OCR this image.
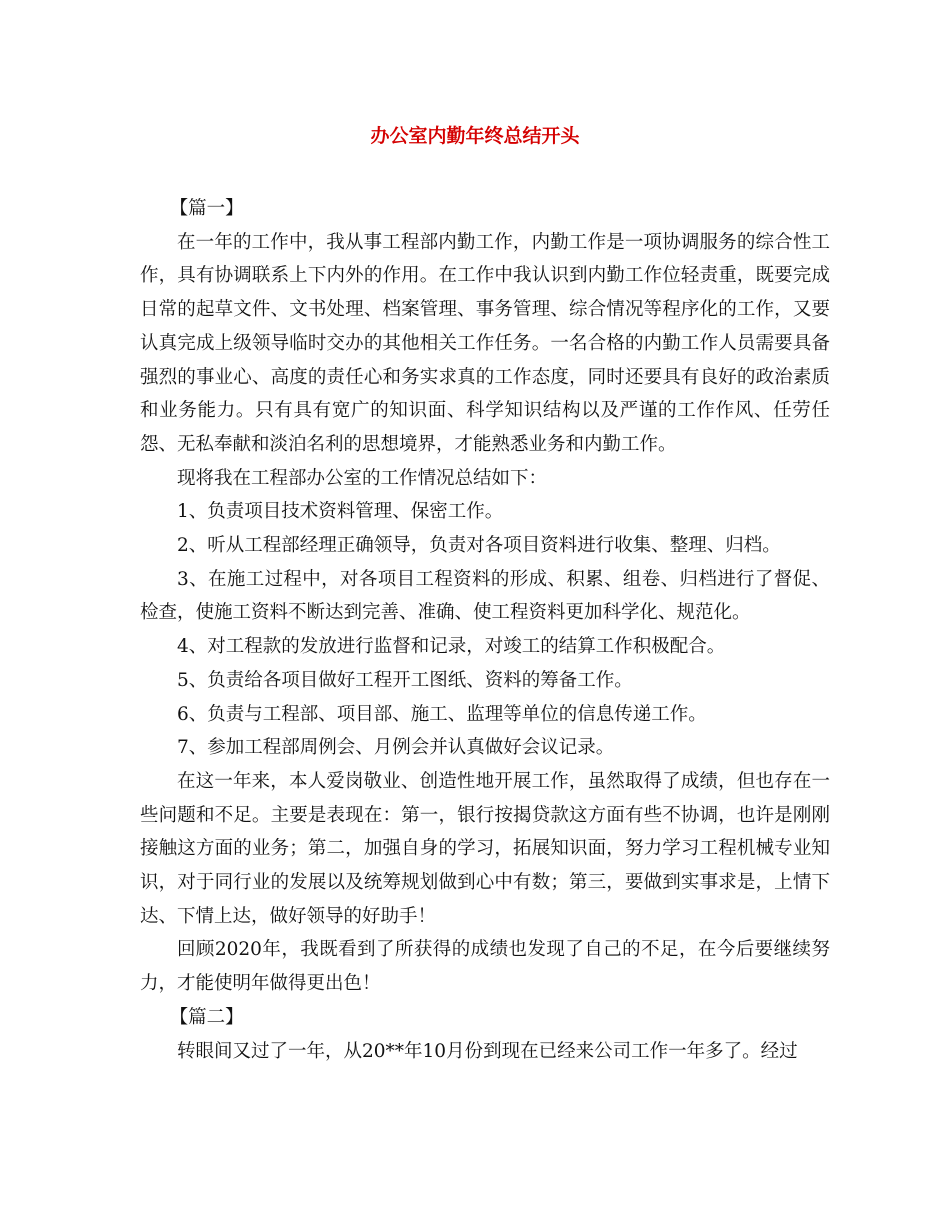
办公室内勤年终总结开头

【篇一】

在一年的工作中，我从事工程部内勤工作，内勤工作是一项协调服务的综合性工作，具有协调联系上下内外的作用。在工作中我认识到内勤工作位轻责重，既要完成日常的起草文件、文书处理、档案管理、事务管理、综合情况等程序化的工作，又要认真完成上级领导临时交办的其他相关工作任务。一名合格的内勤工作人员需要具备强烈的事业心、高度的责任心和务实求真的工作态度，同时还要具有良好的政治素质和业务能力。只有具有宽广的知识面、科学知识结构以及严谨的工作作风、任劳任怨、无私奉献和淡泊名利的思想境界，才能熟悉业务和内勤工作。

现将我在工程部办公室的工作情况总结如下：

1、负责项目技术资料管理、保密工作。

2、听从工程部经理正确领导，负责对各项目资料进行收集、整理、归档。

3、在施工过程中，对各项目工程资料的形成、积累、组卷、归档进行了督促、检查，使施工资料不断达到完善、准确、使工程资料更加科学化、规范化。

4、对工程款的发放进行监督和记录，对竣工的结算工作积极配合。

5、负责给各项目做好工程开工图纸、资料的筹备工作。

6、负责与工程部、项目部、施工、监理等单位的信息传递工作。

7、参加工程部周例会、月例会并认真做好会议记录。

在这一年来，本人爱岗敬业、创造性地开展工作，虽然取得了成绩，但也存在一些问题和不足。主要是表现在：第一，银行按揭贷款这方面有些不协调，也许是刚刚接触这方面的业务；第二，加强自身的学习，拓展知识面，努力学习工程机械专业知识，对于同行业的发展以及统筹规划做到心中有数；第三，要做到实事求是，上情下达、下情上达，做好领导的好助手！

回顾2020年，我既看到了所获得的成绩也发现了自己的不足，在今后要继续努力，才能使明年做得更出色！

【篇二】

转眼间又过了一年，从20**年10月份到现在已经来公司工作一年多了。经过
